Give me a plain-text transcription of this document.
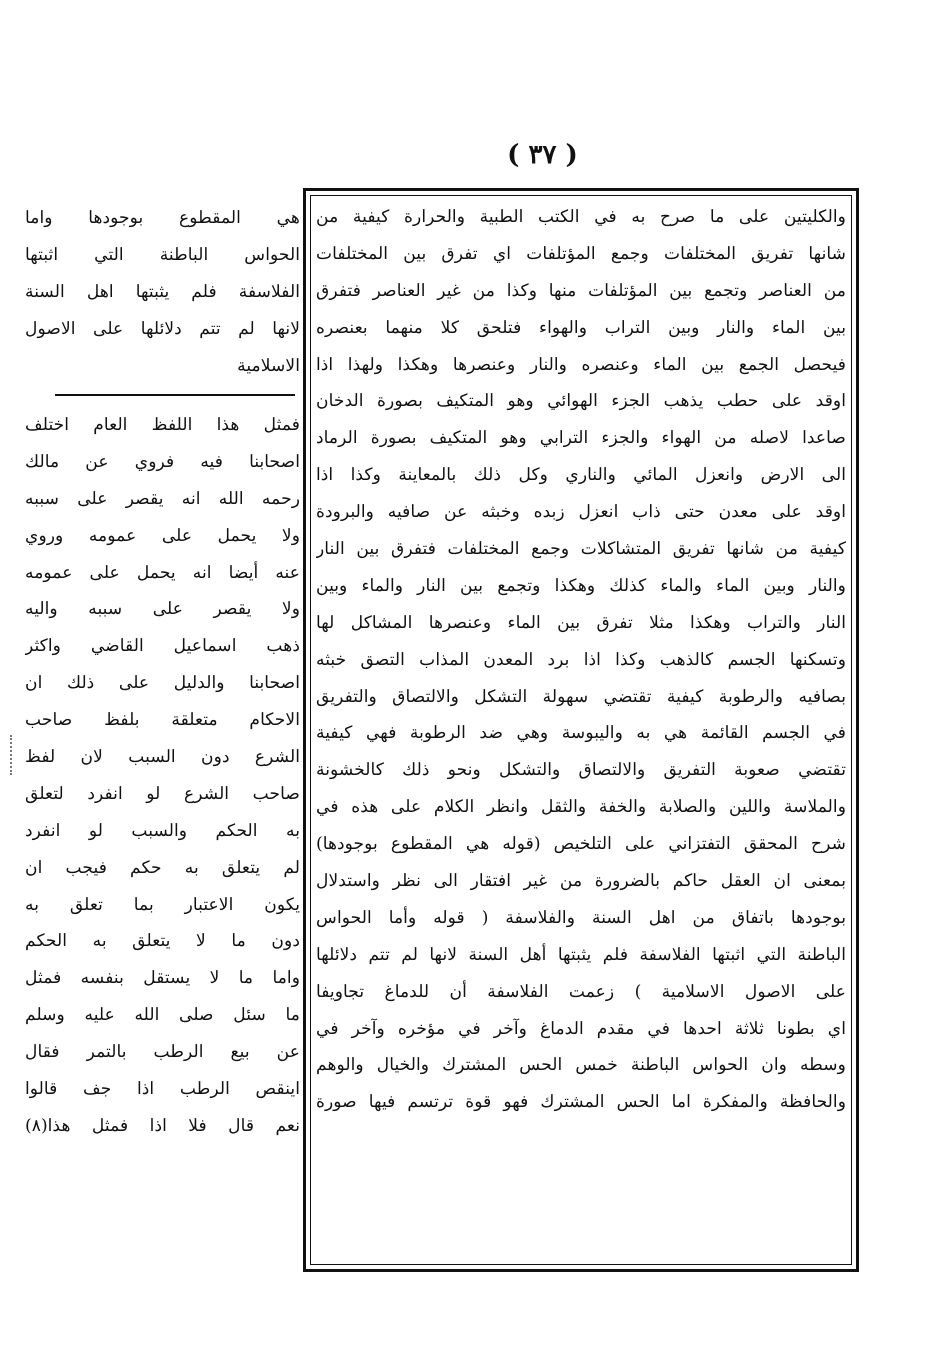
( ٣٧ )
والكليتين على ما صرح به في الكتب الطبية والحرارة كيفية من
شانها تفريق المختلفات وجمع المؤتلفات اي تفرق بين المختلفات
من العناصر وتجمع بين المؤتلفات منها وكذا من غير العناصر فتفرق
بين الماء والنار وبين التراب والهواء فتلحق كلا منهما بعنصره
فيحصل الجمع بين الماء وعنصره والنار وعنصرها وهكذا ولهذا اذا
اوقد على حطب يذهب الجزء الهوائي وهو المتكيف بصورة الدخان
صاعدا لاصله من الهواء والجزء الترابي وهو المتكيف بصورة الرماد
الى الارض وانعزل المائي والناري وكل ذلك بالمعاينة وكذا اذا
اوقد على معدن حتى ذاب انعزل زبده وخبثه عن صافيه والبرودة
كيفية من شانها تفريق المتشاكلات وجمع المختلفات فتفرق بين النار
والنار وبين الماء والماء كذلك وهكذا وتجمع بين النار والماء وبين
النار والتراب وهكذا مثلا تفرق بين الماء وعنصرها المشاكل لها
وتسكنها الجسم كالذهب وكذا اذا برد المعدن المذاب التصق خبثه
بصافيه والرطوبة كيفية تقتضي سهولة التشكل والالتصاق والتفريق
في الجسم القائمة هي به واليبوسة وهي ضد الرطوبة فهي كيفية
تقتضي صعوبة التفريق والالتصاق والتشكل ونحو ذلك كالخشونة
والملاسة واللين والصلابة والخفة والثقل وانظر الكلام على هذه في
شرح المحقق التفتزاني على التلخيص (قوله هي المقطوع بوجودها)
بمعنى ان العقل حاكم بالضرورة من غير افتقار الى نظر واستدلال
بوجودها باتفاق من اهل السنة والفلاسفة ( قوله وأما الحواس
الباطنة التي اثبتها الفلاسفة فلم يثبتها أهل السنة لانها لم تتم دلائلها
على الاصول الاسلامية ) زعمت الفلاسفة أن للدماغ تجاويفا
اي بطونا ثلاثة احدها في مقدم الدماغ وآخر في مؤخره وآخر في
وسطه وان الحواس الباطنة خمس الحس المشترك والخيال والوهم
والحافظة والمفكرة اما الحس المشترك فهو قوة ترتسم فيها صورة
هي المقطوع بوجودها واما
الحواس الباطنة التي اثبتها
الفلاسفة فلم يثبتها اهل السنة
لانها لم تتم دلائلها على الاصول
الاسلامية
فمثل هذا اللفظ العام اختلف
اصحابنا فيه فروي عن مالك
رحمه الله انه يقصر على سببه
ولا يحمل على عمومه وروي
عنه أيضا انه يحمل على عمومه
ولا يقصر على سببه واليه
ذهب اسماعيل القاضي واكثر
اصحابنا والدليل على ذلك ان
الاحكام متعلقة بلفظ صاحب
الشرع دون السبب لان لفظ
صاحب الشرع لو انفرد لتعلق
به الحكم والسبب لو انفرد
لم يتعلق به حكم فيجب ان
يكون الاعتبار بما تعلق به
دون ما لا يتعلق به الحكم
واما ما لا يستقل بنفسه فمثل
ما سئل صلى الله عليه وسلم
عن بيع الرطب بالتمر فقال
اينقص الرطب اذا جف قالوا
نعم قال فلا اذا فمثل هذا(٨)
